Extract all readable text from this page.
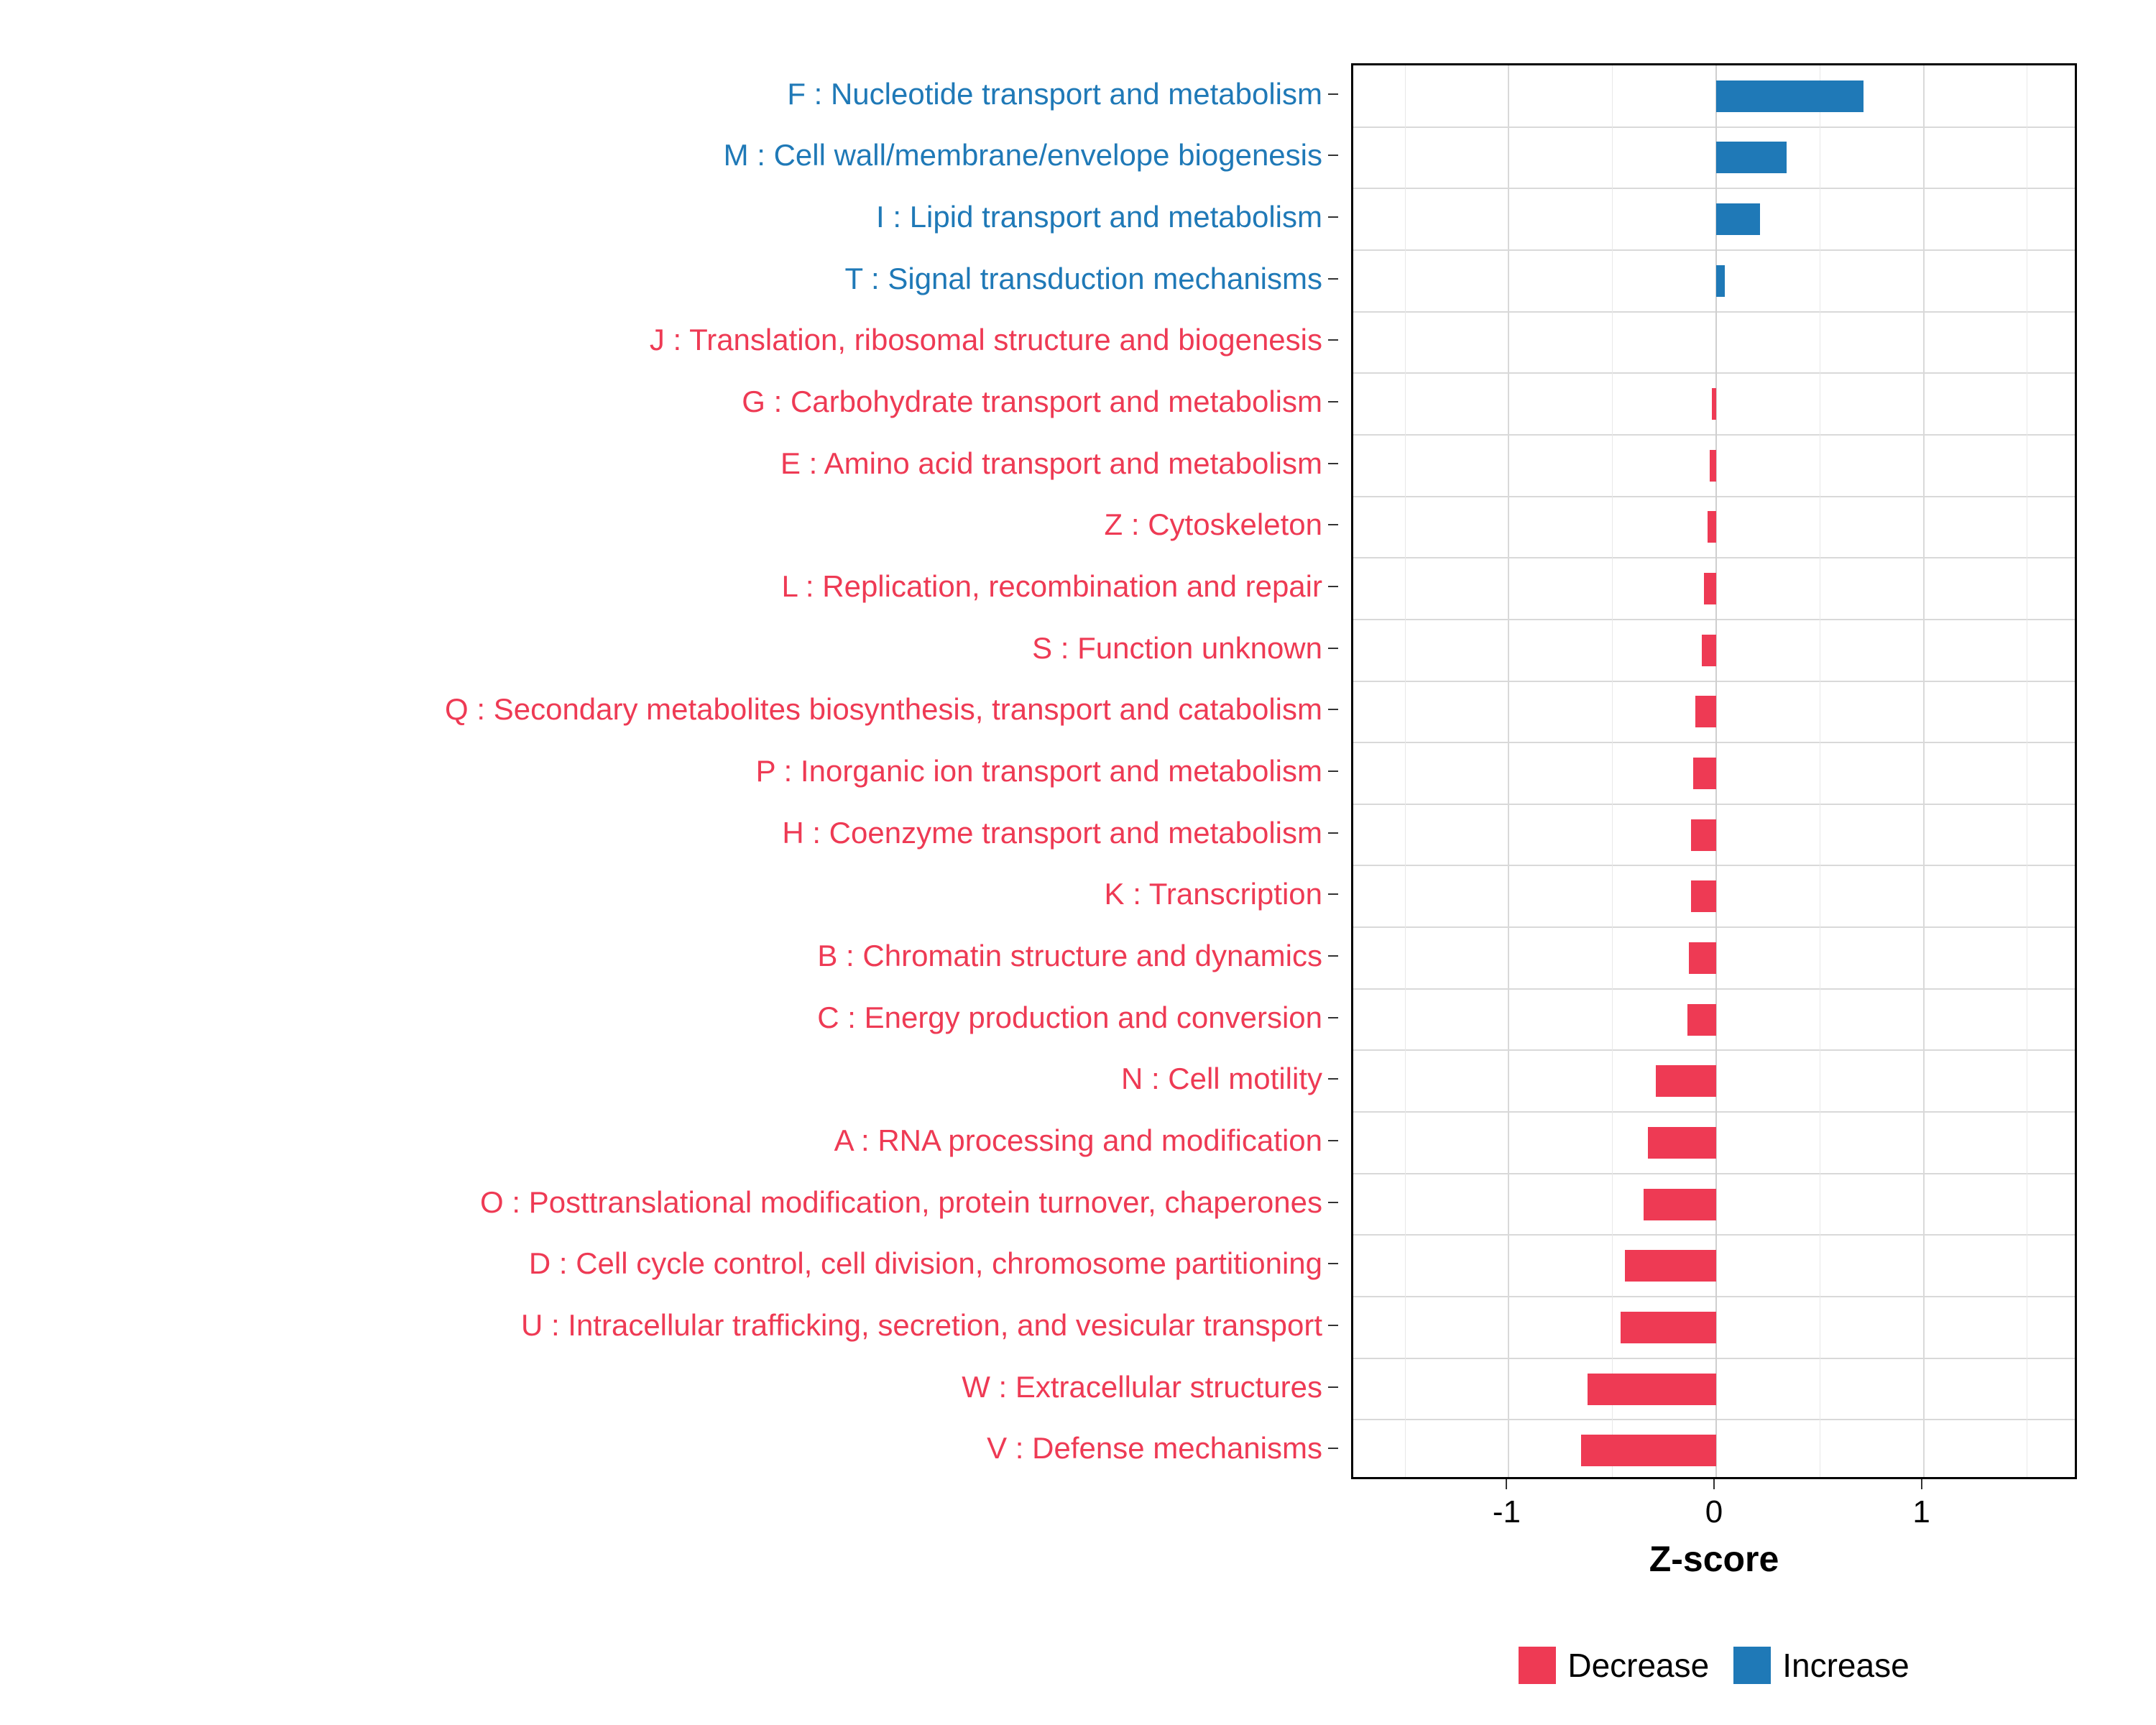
F : Nucleotide transport and metabolism
M : Cell wall/membrane/envelope biogenesis
I : Lipid transport and metabolism
T : Signal transduction mechanisms
J : Translation, ribosomal structure and biogenesis
G : Carbohydrate transport and metabolism
E : Amino acid transport and metabolism
Z : Cytoskeleton
L : Replication, recombination and repair
S : Function unknown
Q : Secondary metabolites biosynthesis, transport and catabolism
P : Inorganic ion transport and metabolism
H : Coenzyme transport and metabolism
K : Transcription
B : Chromatin structure and dynamics
C : Energy production and conversion
N : Cell motility
A : RNA processing and modification
O : Posttranslational modification, protein turnover, chaperones
D : Cell cycle control, cell division, chromosome partitioning
U : Intracellular trafficking, secretion, and vesicular transport
W : Extracellular structures
V : Defense mechanisms
-1	0	1
Z-score
Decrease Increase
